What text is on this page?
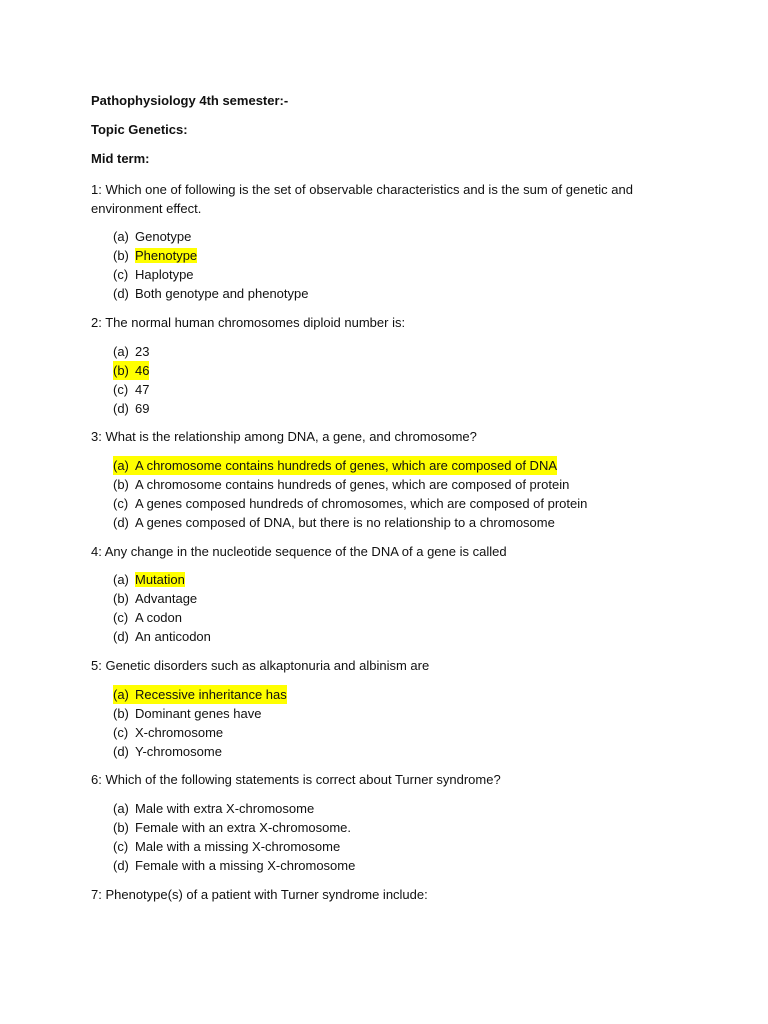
Pathophysiology 4th semester:-
Topic Genetics:
Mid term:
1: Which one of following is the set of observable characteristics and is the sum of genetic and environment effect.
(a) Genotype
(b) Phenotype
(c) Haplotype
(d) Both genotype and phenotype
2: The normal human chromosomes diploid number is:
(a) 23
(b) 46
(c) 47
(d) 69
3: What is the relationship among DNA, a gene, and chromosome?
(a) A chromosome contains hundreds of genes, which are composed of DNA
(b) A chromosome contains hundreds of genes, which are composed of protein
(c) A genes composed hundreds of chromosomes, which are composed of protein
(d) A genes composed of DNA, but there is no relationship to a chromosome
4: Any change in the nucleotide sequence of the DNA of a gene is called
(a) Mutation
(b) Advantage
(c) A codon
(d) An anticodon
5: Genetic disorders such as alkaptonuria and albinism are
(a) Recessive inheritance has
(b) Dominant genes have
(c) X-chromosome
(d) Y-chromosome
6: Which of the following statements is correct about Turner syndrome?
(a) Male with extra X-chromosome
(b) Female with an extra X-chromosome.
(c) Male with a missing X-chromosome
(d) Female with a missing X-chromosome
7: Phenotype(s) of a patient with Turner syndrome include:
